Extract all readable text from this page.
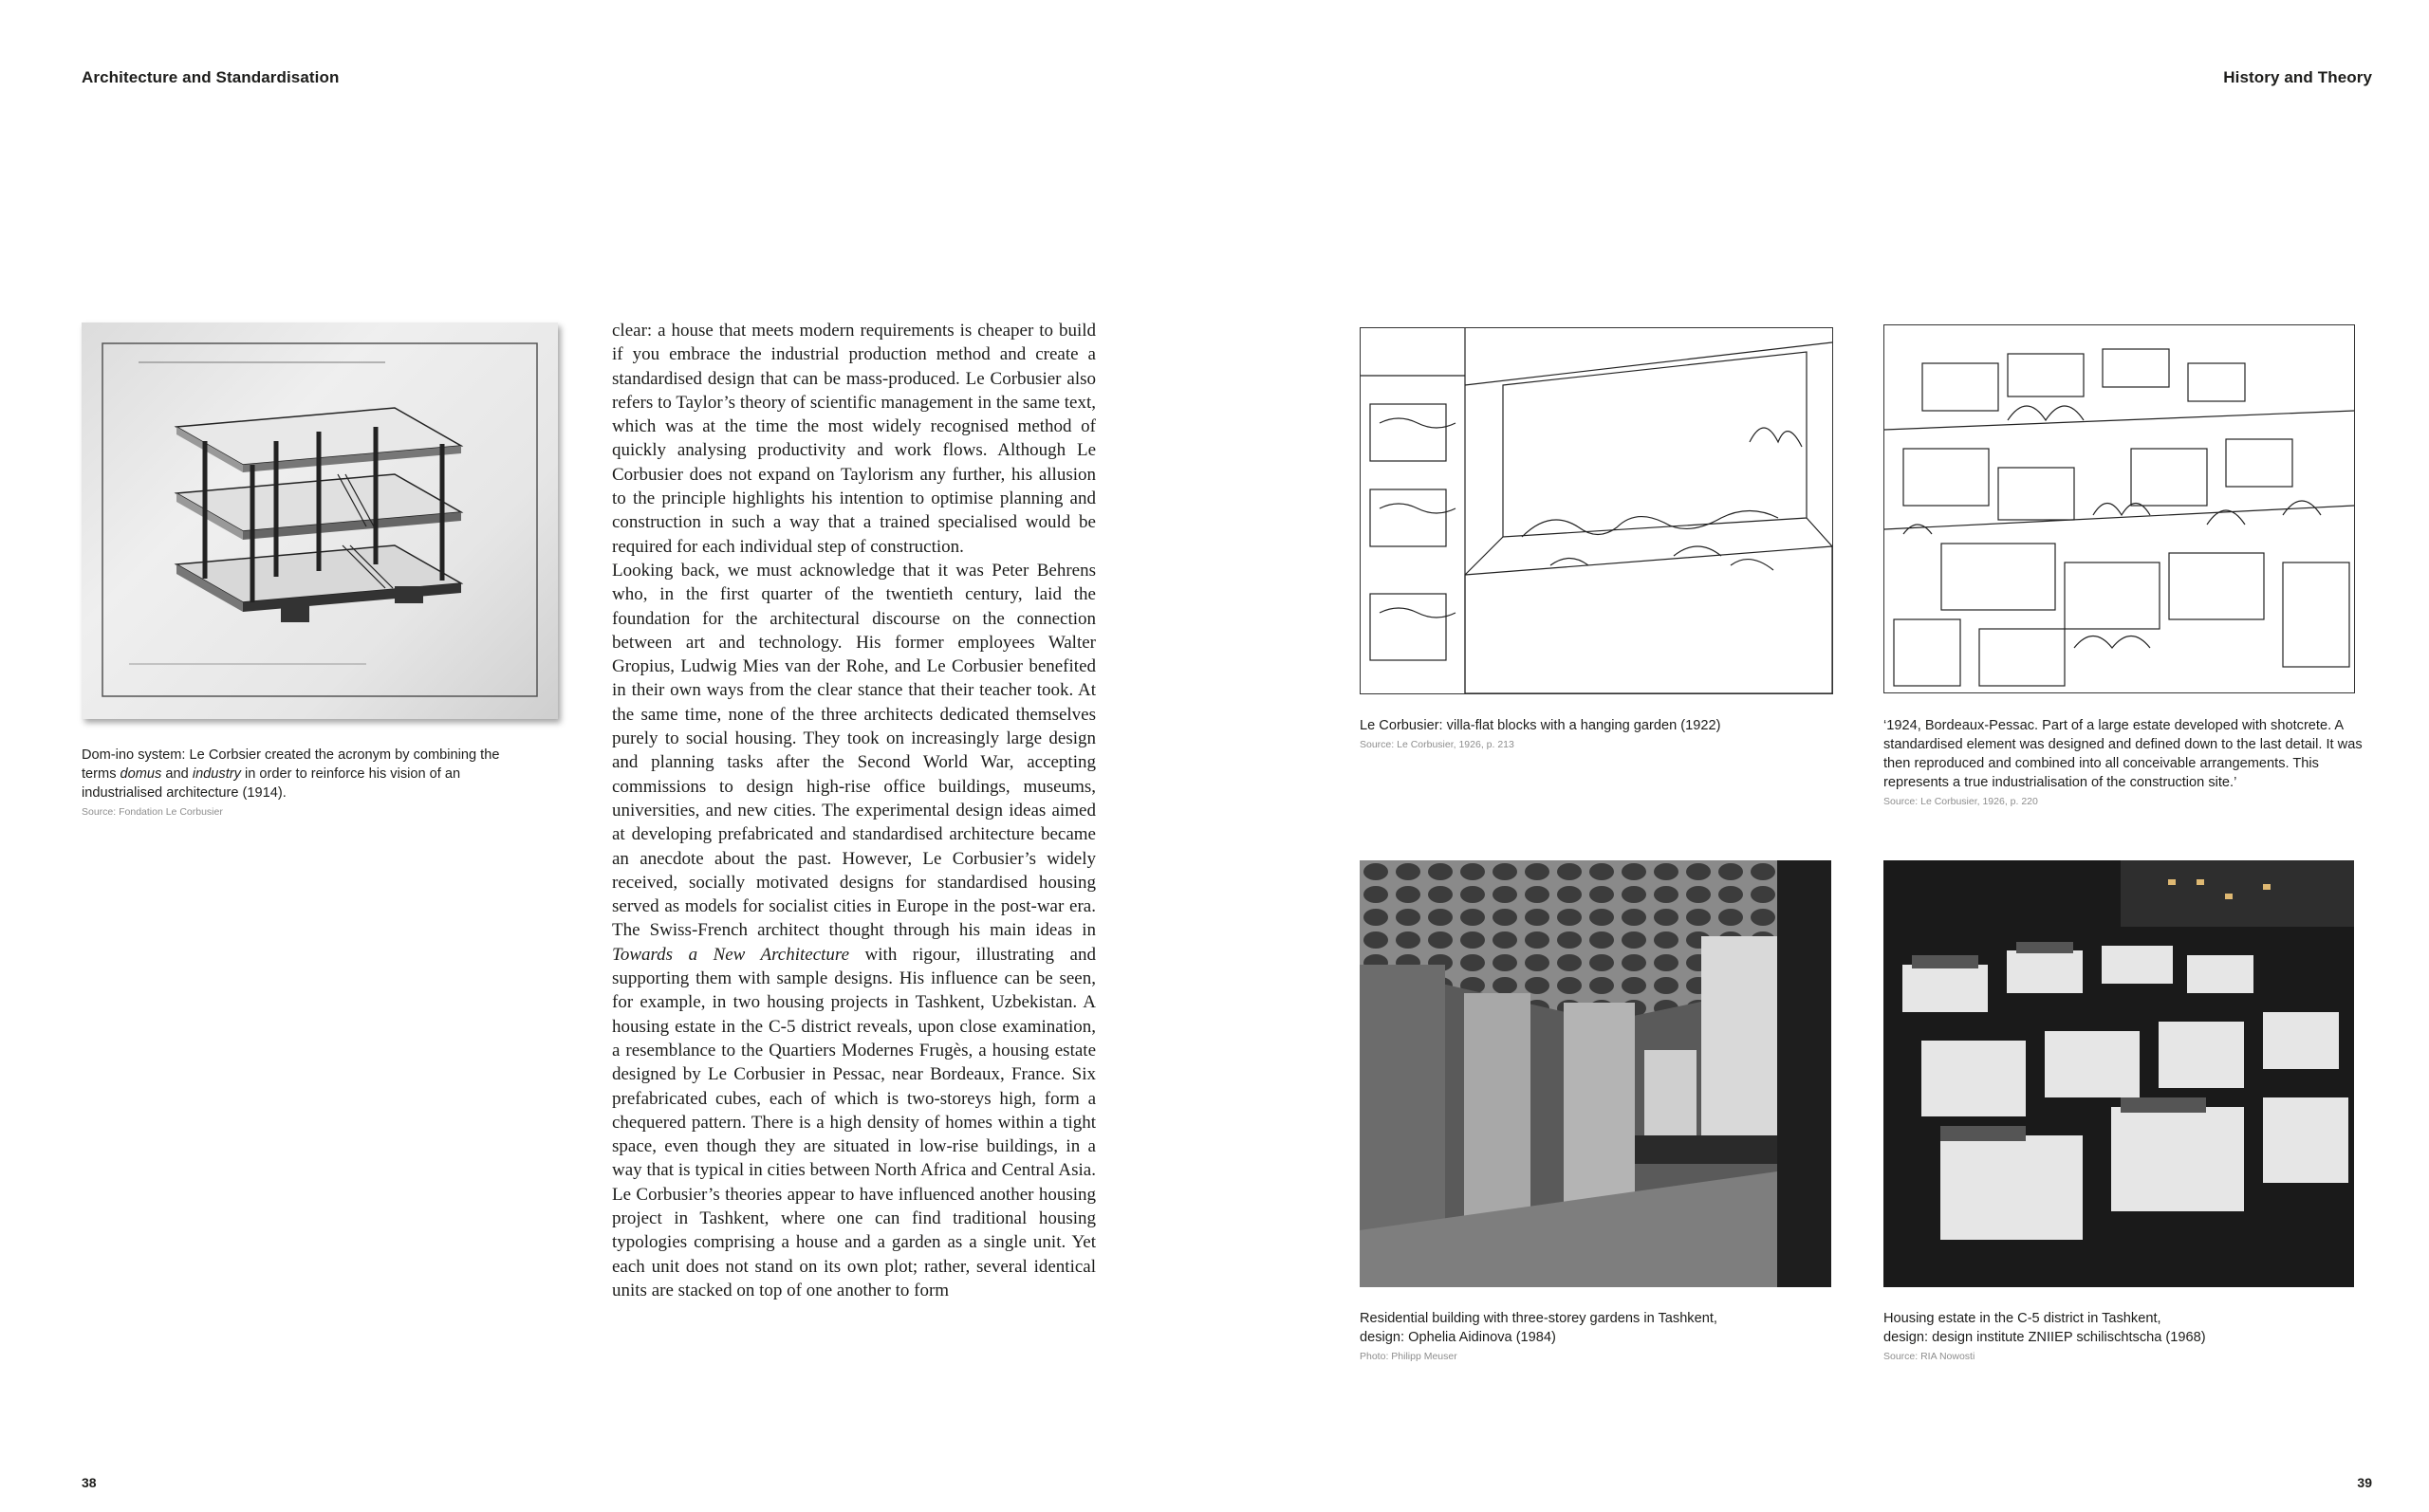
Architecture and Standardisation
Dom-ino system: Le Corbsier created the acronym by combining the terms domus and industry in order to reinforce his vision of an industrialised architecture (1914).
Source: Fondation Le Corbusier

clear: a house that meets modern requirements is cheaper to build if you embrace the industrial production method and create a standardised design that can be mass-produced. Le Corbusier also refers to Taylor’s theory of scientific management in the same text, which was at the time the most widely recognised method of quickly analysing productivity and work flows. Although Le Corbusier does not expand on Taylorism any further, his allusion to the principle highlights his intention to optimise planning and construction in such a way that a trained specialised would be required for each individual step of construction.

Looking back, we must acknowledge that it was Peter Behrens who, in the first quarter of the twentieth century, laid the foundation for the architectural discourse on the connection between art and technology. His former employees Walter Gropius, Ludwig Mies van der Rohe, and Le Corbusier benefited in their own ways from the clear stance that their teacher took. At the same time, none of the three architects dedicated themselves purely to social housing. They took on increasingly large design and planning tasks after the Second World War, accepting commissions to design high-rise office buildings, museums, universities, and new cities. The experimental design ideas aimed at developing prefabricated and standardised architecture became an anecdote about the past. However, Le Corbusier’s widely received, socially motivated designs for standardised housing served as models for socialist cities in Europe in the post-war era. The Swiss-French architect thought through his main ideas in Towards a New Architecture with rigour, illustrating and supporting them with sample designs. His influence can be seen, for example, in two housing projects in Tashkent, Uzbekistan. A housing estate in the C-5 district reveals, upon close examination, a resemblance to the Quartiers Modernes Frugès, a housing estate designed by Le Corbusier in Pessac, near Bordeaux, France. Six prefabricated cubes, each of which is two-storeys high, form a chequered pattern. There is a high density of homes within a tight space, even though they are situated in low-rise buildings, in a way that is typical in cities between North Africa and Central Asia. Le Corbusier’s theories appear to have influenced another housing project in Tashkent, where one can find traditional housing typologies comprising a house and a garden as a single unit. Yet each unit does not stand on its own plot; rather, several identical units are stacked on top of one another to form

38
History and Theory
Le Corbusier: villa-flat blocks with a hanging garden (1922)
Source: Le Corbusier, 1926, p. 213
‘1924, Bordeaux-Pessac. Part of a large estate developed with shotcrete. A standardised element was designed and defined down to the last detail. It was then reproduced and combined into all conceivable arrangements. This represents a true industrialisation of the construction site.’
Source: Le Corbusier, 1926, p. 220
Residential building with three-storey gardens in Tashkent,
design: Ophelia Aidinova (1984)
Photo: Philipp Meuser
Housing estate in the C-5 district in Tashkent,
design: design institute ZNIIEP schilischtscha (1968)
Source: RIA Nowosti
39
